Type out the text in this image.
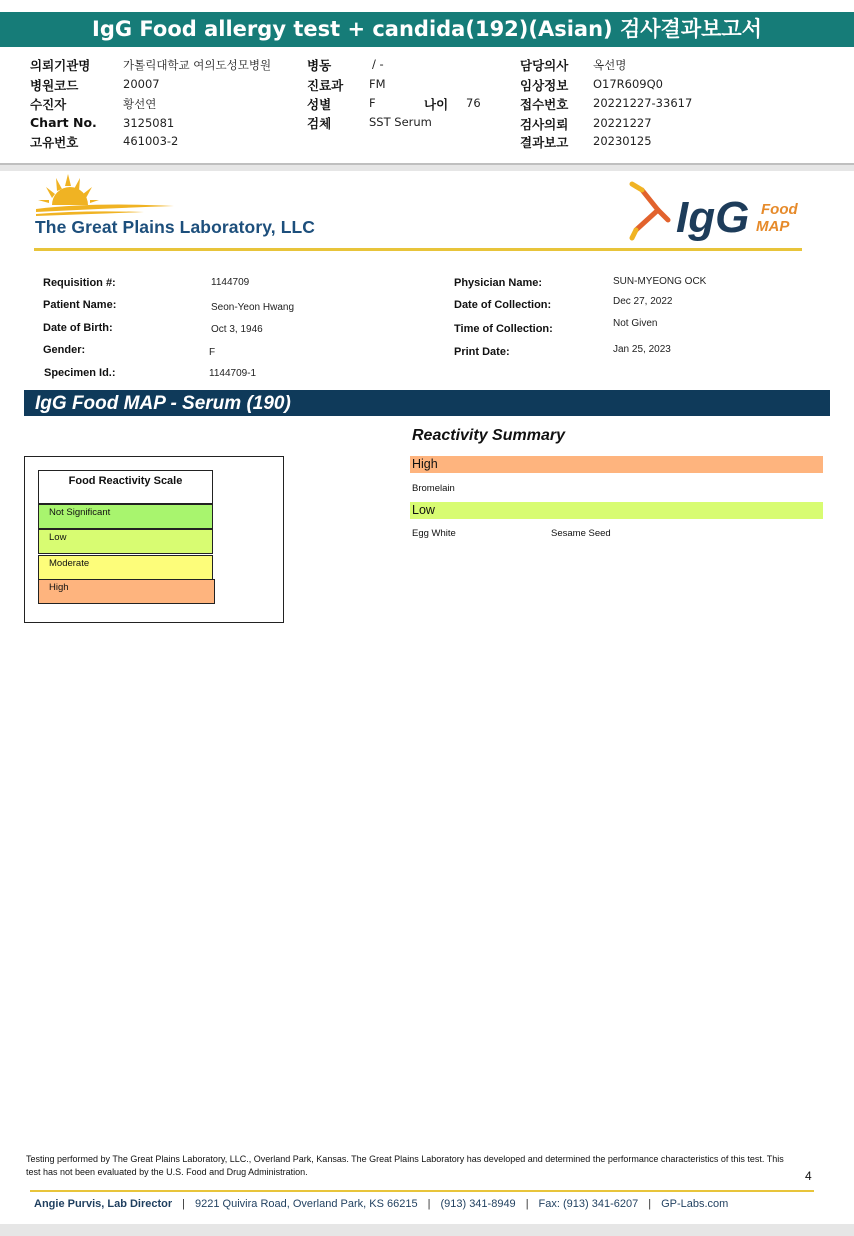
IgG Food allergy test + candida(192)(Asian) 검사결과보고서
의뢰기관명	가톨릭대학교 여의도성모병원
병원코드	20007
수진자	황선연
Chart No. 3125081
고유번호	461003-2
병동	/ -
진료과 FM
성별	F	나이 76
검체	SST Serum
담당의사 옥선명
임상정보 O17R609Q0
접수번호 20221227-33617
검사의뢰 20221227
결과보고 20230125
The Great Plains Laboratory, LLC	IgG Food
MAP
Requisition #:	1144709
Patient Name:	Seon-Yeon Hwang
Date of Birth:	Oct 3, 1946
Gender:	F
Specimen Id.:	1144709-1
Physician Name:	SUN-MYEONG OCK
Date of Collection:	Dec 27, 2022
Time of Collection:	Not Given
Print Date:	Jan 25, 2023
IgG Food MAP - Serum (190)
Food Reactivity Scale
Not Significant
Low
Moderate
High
Reactivity Summary
High
Bromelain
Low
Egg White	Sesame Seed
Testing performed by The Great Plains Laboratory, LLC., Overland Park, Kansas. The Great Plains Laboratory has developed and determined the performance characteristics of this test. This test has not been evaluated by the U.S. Food and Drug Administration.	4
Angie Purvis, Lab Director | 9221 Quivira Road, Overland Park, KS 66215 | (913) 341-8949 | Fax: (913) 341-6207 | GP-Labs.com
